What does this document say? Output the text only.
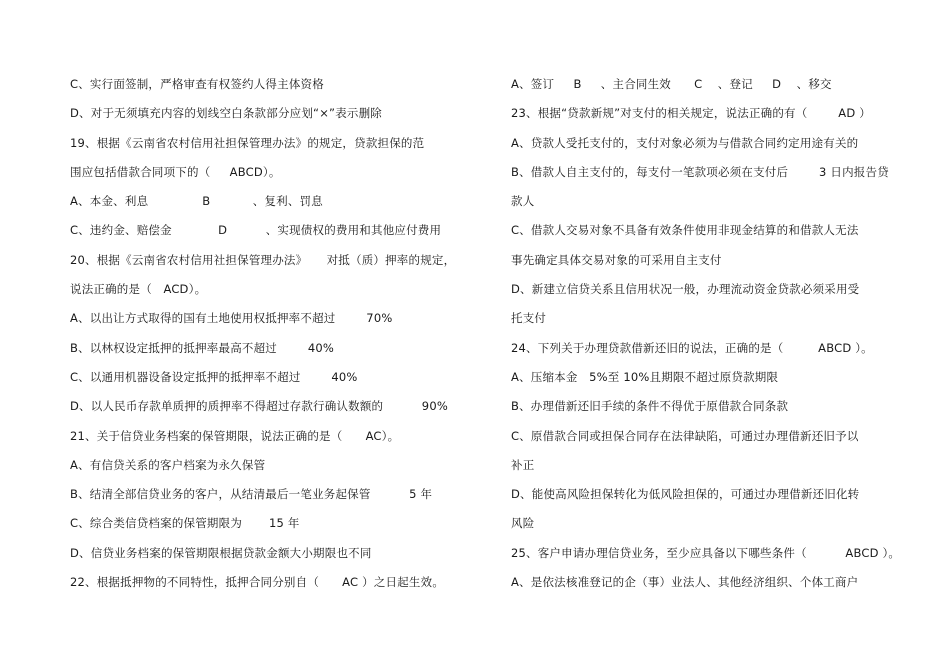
C、实行面签制，严格审查有权签约人得主体资格
D、对于无须填充内容的划线空白条款部分应划“×”表示删除
19、根据《云南省农村信用社担保管理办法》的规定，贷款担保的范
围应包括借款合同项下的（     ABCD）。
A、本金、利息              B           、复利、罚息
C、违约金、赔偿金            D          、实现债权的费用和其他应付费用
20、根据《云南省农村信用社担保管理办法》     对抵（质）押率的规定，
说法正确的是（   ACD）。
A、以出让方式取得的国有土地使用权抵押率不超过        70%
B、以林权设定抵押的抵押率最高不超过        40%
C、以通用机器设备设定抵押的抵押率不超过        40%
D、以人民币存款单质押的质押率不得超过存款行确认数额的          90%
21、关于信贷业务档案的保管期限，说法正确的是（      AC）。
A、有信贷关系的客户档案为永久保管
B、结清全部信贷业务的客户，从结清最后一笔业务起保管          5 年
C、综合类信贷档案的保管期限为       15 年
D、信贷业务档案的保管期限根据贷款金额大小期限也不同
22、根据抵押物的不同特性，抵押合同分别自（      AC ）之日起生效。
A、签订     B     、主合同生效      C    、登记     D    、移交
23、根据“贷款新规”对支付的相关规定，说法正确的有（        AD ）
A、贷款人受托支付的，支付对象必须为与借款合同约定用途有关的
B、借款人自主支付的，每支付一笔款项必须在支付后        3 日内报告贷
款人
C、借款人交易对象不具备有效条件使用非现金结算的和借款人无法
事先确定具体交易对象的可采用自主支付
D、新建立信贷关系且信用状况一般，办理流动资金贷款必须采用受
托支付
24、下列关于办理贷款借新还旧的说法，正确的是（         ABCD ）。
A、压缩本金   5%至 10%且期限不超过原贷款期限
B、办理借新还旧手续的条件不得优于原借款合同条款
C、原借款合同或担保合同存在法律缺陷，可通过办理借新还旧予以
补正
D、能使高风险担保转化为低风险担保的，可通过办理借新还旧化转
风险
25、客户申请办理信贷业务，至少应具备以下哪些条件（          ABCD ）。
A、是依法核准登记的企（事）业法人、其他经济组织、个体工商户
